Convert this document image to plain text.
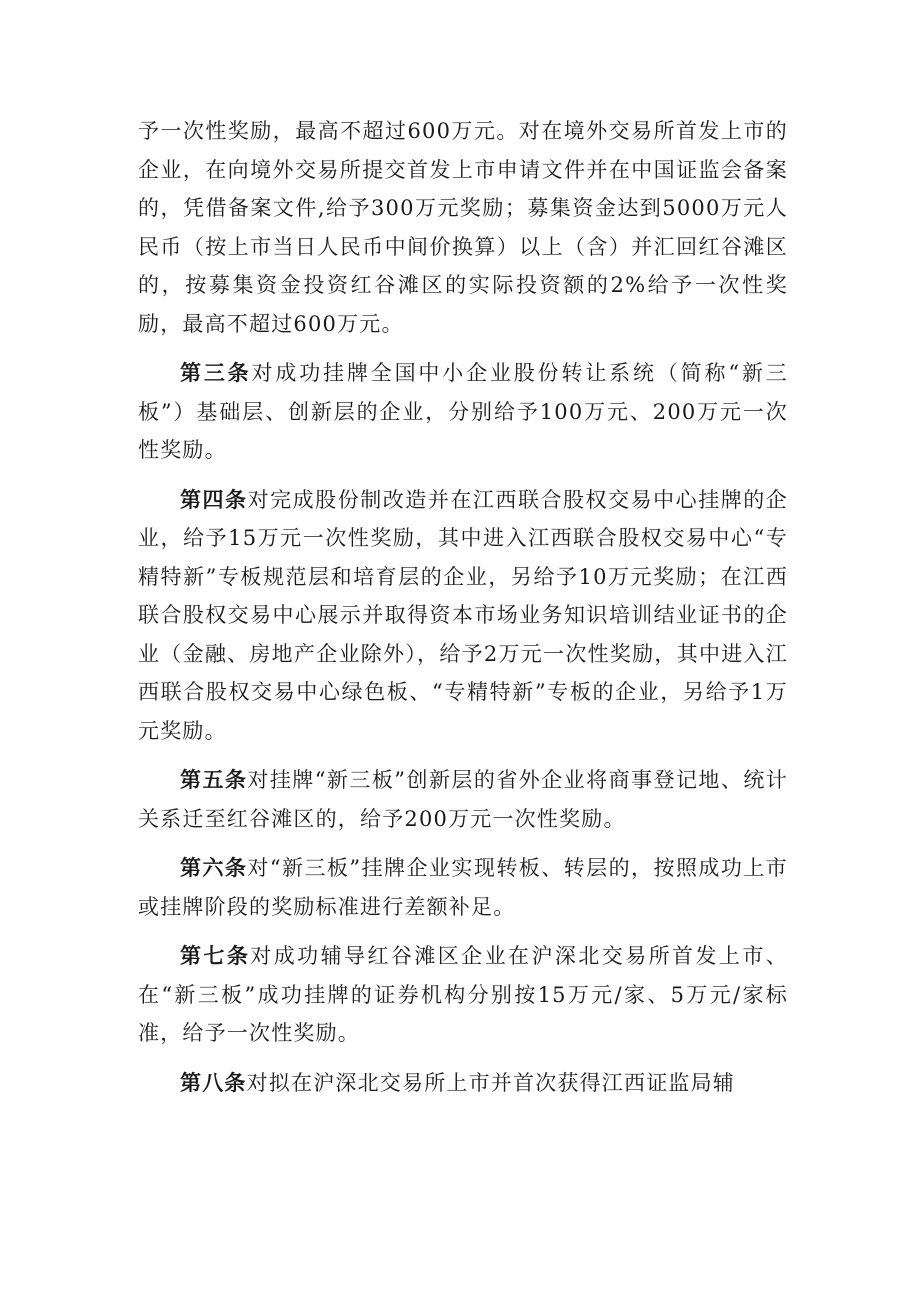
予一次性奖励，最高不超过600万元。对在境外交易所首发上市的企业，在向境外交易所提交首发上市申请文件并在中国证监会备案的，凭借备案文件,给予300万元奖励；募集资金达到5000万元人民币（按上市当日人民币中间价换算）以上（含）并汇回红谷滩区的，按募集资金投资红谷滩区的实际投资额的2%给予一次性奖励，最高不超过600万元。

第三条对成功挂牌全国中小企业股份转让系统（简称“新三板”）基础层、创新层的企业，分别给予100万元、200万元一次性奖励。

第四条对完成股份制改造并在江西联合股权交易中心挂牌的企业，给予15万元一次性奖励，其中进入江西联合股权交易中心“专精特新”专板规范层和培育层的企业，另给予10万元奖励；在江西联合股权交易中心展示并取得资本市场业务知识培训结业证书的企业（金融、房地产企业除外），给予2万元一次性奖励，其中进入江西联合股权交易中心绿色板、“专精特新”专板的企业，另给予1万元奖励。

第五条对挂牌“新三板”创新层的省外企业将商事登记地、统计关系迁至红谷滩区的，给予200万元一次性奖励。

第六条对“新三板”挂牌企业实现转板、转层的，按照成功上市或挂牌阶段的奖励标准进行差额补足。

第七条对成功辅导红谷滩区企业在沪深北交易所首发上市、在“新三板”成功挂牌的证券机构分别按15万元/家、5万元/家标准，给予一次性奖励。

第八条对拟在沪深北交易所上市并首次获得江西证监局辅
